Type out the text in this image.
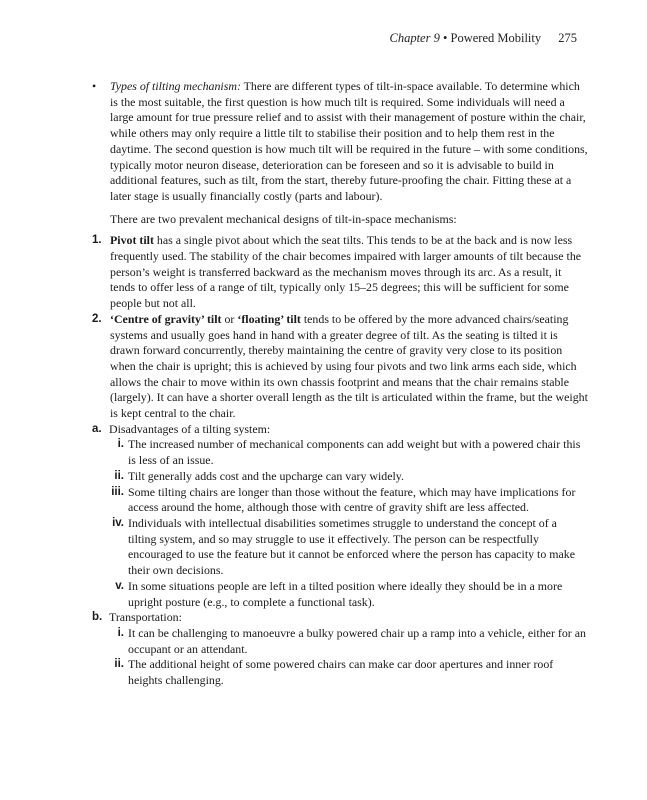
Chapter 9 • Powered Mobility 275

• Types of tilting mechanism: There are different types of tilt-in-space available. To determine which is the most suitable, the first question is how much tilt is required. Some individuals will need a large amount for true pressure relief and to assist with their management of posture within the chair, while others may only require a little tilt to stabilise their position and to help them rest in the daytime. The second question is how much tilt will be required in the future – with some conditions, typically motor neuron disease, deterioration can be foreseen and so it is advisable to build in additional features, such as tilt, from the start, thereby future-proofing the chair. Fitting these at a later stage is usually financially costly (parts and labour).

There are two prevalent mechanical designs of tilt-in-space mechanisms:

1. Pivot tilt has a single pivot about which the seat tilts. This tends to be at the back and is now less frequently used. The stability of the chair becomes impaired with larger amounts of tilt because the person’s weight is transferred backward as the mechanism moves through its arc. As a result, it tends to offer less of a range of tilt, typically only 15–25 degrees; this will be sufficient for some people but not all.

2. ‘Centre of gravity’ tilt or ‘floating’ tilt tends to be offered by the more advanced chairs/seating systems and usually goes hand in hand with a greater degree of tilt. As the seating is tilted it is drawn forward concurrently, thereby maintaining the centre of gravity very close to its position when the chair is upright; this is achieved by using four pivots and two link arms each side, which allows the chair to move within its own chassis footprint and means that the chair remains stable (largely). It can have a shorter overall length as the tilt is articulated within the frame, but the weight is kept central to the chair.

a. Disadvantages of a tilting system:
i. The increased number of mechanical components can add weight but with a powered chair this is less of an issue.
ii. Tilt generally adds cost and the upcharge can vary widely.
iii. Some tilting chairs are longer than those without the feature, which may have implications for access around the home, although those with centre of gravity shift are less affected.
iv. Individuals with intellectual disabilities sometimes struggle to understand the concept of a tilting system, and so may struggle to use it effectively. The person can be respectfully encouraged to use the feature but it cannot be enforced where the person has capacity to make their own decisions.
v. In some situations people are left in a tilted position where ideally they should be in a more upright posture (e.g., to complete a functional task).
b. Transportation:
i. It can be challenging to manoeuvre a bulky powered chair up a ramp into a vehicle, either for an occupant or an attendant.
ii. The additional height of some powered chairs can make car door apertures and inner roof heights challenging.
